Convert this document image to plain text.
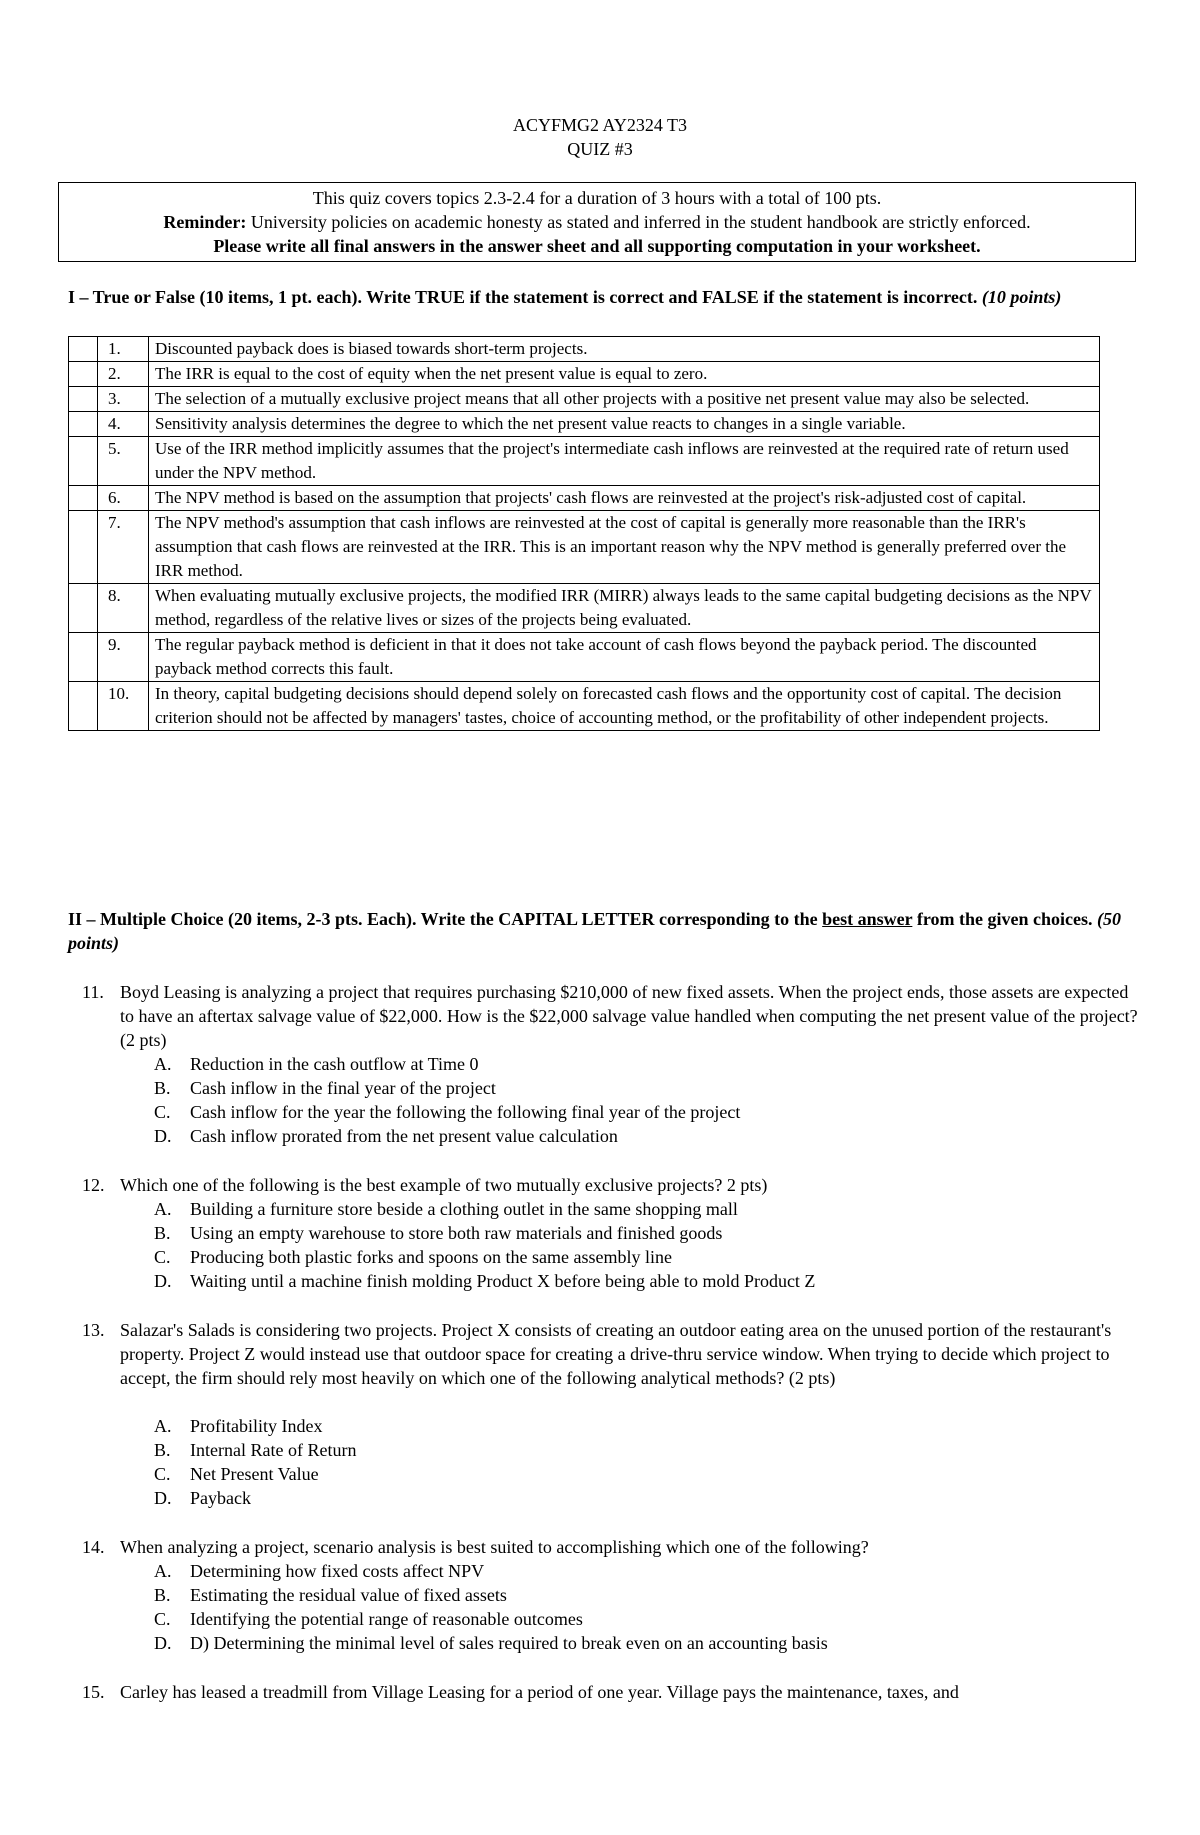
ACYFMG2 AY2324 T3
QUIZ #3
This quiz covers topics 2.3-2.4 for a duration of 3 hours with a total of 100 pts.
Reminder: University policies on academic honesty as stated and inferred in the student handbook are strictly enforced.
Please write all final answers in the answer sheet and all supporting computation in your worksheet.
I – True or False (10 items, 1 pt. each). Write TRUE if the statement is correct and FALSE if the statement is incorrect. (10 points)
	1.	Discounted payback does is biased towards short-term projects.
	2.	The IRR is equal to the cost of equity when the net present value is equal to zero.
	3.	The selection of a mutually exclusive project means that all other projects with a positive net present value may also be selected.
	4.	Sensitivity analysis determines the degree to which the net present value reacts to changes in a single variable.
	5.	Use of the IRR method implicitly assumes that the project's intermediate cash inflows are reinvested at the required rate of return used under the NPV method.
	6.	The NPV method is based on the assumption that projects' cash flows are reinvested at the project's risk-adjusted cost of capital.
	7.	The NPV method's assumption that cash inflows are reinvested at the cost of capital is generally more reasonable than the IRR's assumption that cash flows are reinvested at the IRR. This is an important reason why the NPV method is generally preferred over the IRR method.
	8.	When evaluating mutually exclusive projects, the modified IRR (MIRR) always leads to the same capital budgeting decisions as the NPV method, regardless of the relative lives or sizes of the projects being evaluated.
	9.	The regular payback method is deficient in that it does not take account of cash flows beyond the payback period. The discounted payback method corrects this fault.
	10.	In theory, capital budgeting decisions should depend solely on forecasted cash flows and the opportunity cost of capital. The decision criterion should not be affected by managers' tastes, choice of accounting method, or the profitability of other independent projects.
II – Multiple Choice (20 items, 2-3 pts. Each). Write the CAPITAL LETTER corresponding to the best answer from the given choices. (50 points)
11. Boyd Leasing is analyzing a project that requires purchasing $210,000 of new fixed assets. When the project ends, those assets are expected to have an aftertax salvage value of $22,000. How is the $22,000 salvage value handled when computing the net present value of the project? (2 pts)
A. Reduction in the cash outflow at Time 0
B. Cash inflow in the final year of the project
C. Cash inflow for the year the following the following final year of the project
D. Cash inflow prorated from the net present value calculation
12. Which one of the following is the best example of two mutually exclusive projects? 2 pts)
A. Building a furniture store beside a clothing outlet in the same shopping mall
B. Using an empty warehouse to store both raw materials and finished goods
C. Producing both plastic forks and spoons on the same assembly line
D. Waiting until a machine finish molding Product X before being able to mold Product Z
13. Salazar's Salads is considering two projects. Project X consists of creating an outdoor eating area on the unused portion of the restaurant's property. Project Z would instead use that outdoor space for creating a drive-thru service window. When trying to decide which project to accept, the firm should rely most heavily on which one of the following analytical methods? (2 pts)
A. Profitability Index
B. Internal Rate of Return
C. Net Present Value
D. Payback
14. When analyzing a project, scenario analysis is best suited to accomplishing which one of the following?
A. Determining how fixed costs affect NPV
B. Estimating the residual value of fixed assets
C. Identifying the potential range of reasonable outcomes
D. D) Determining the minimal level of sales required to break even on an accounting basis
15. Carley has leased a treadmill from Village Leasing for a period of one year. Village pays the maintenance, taxes, and
